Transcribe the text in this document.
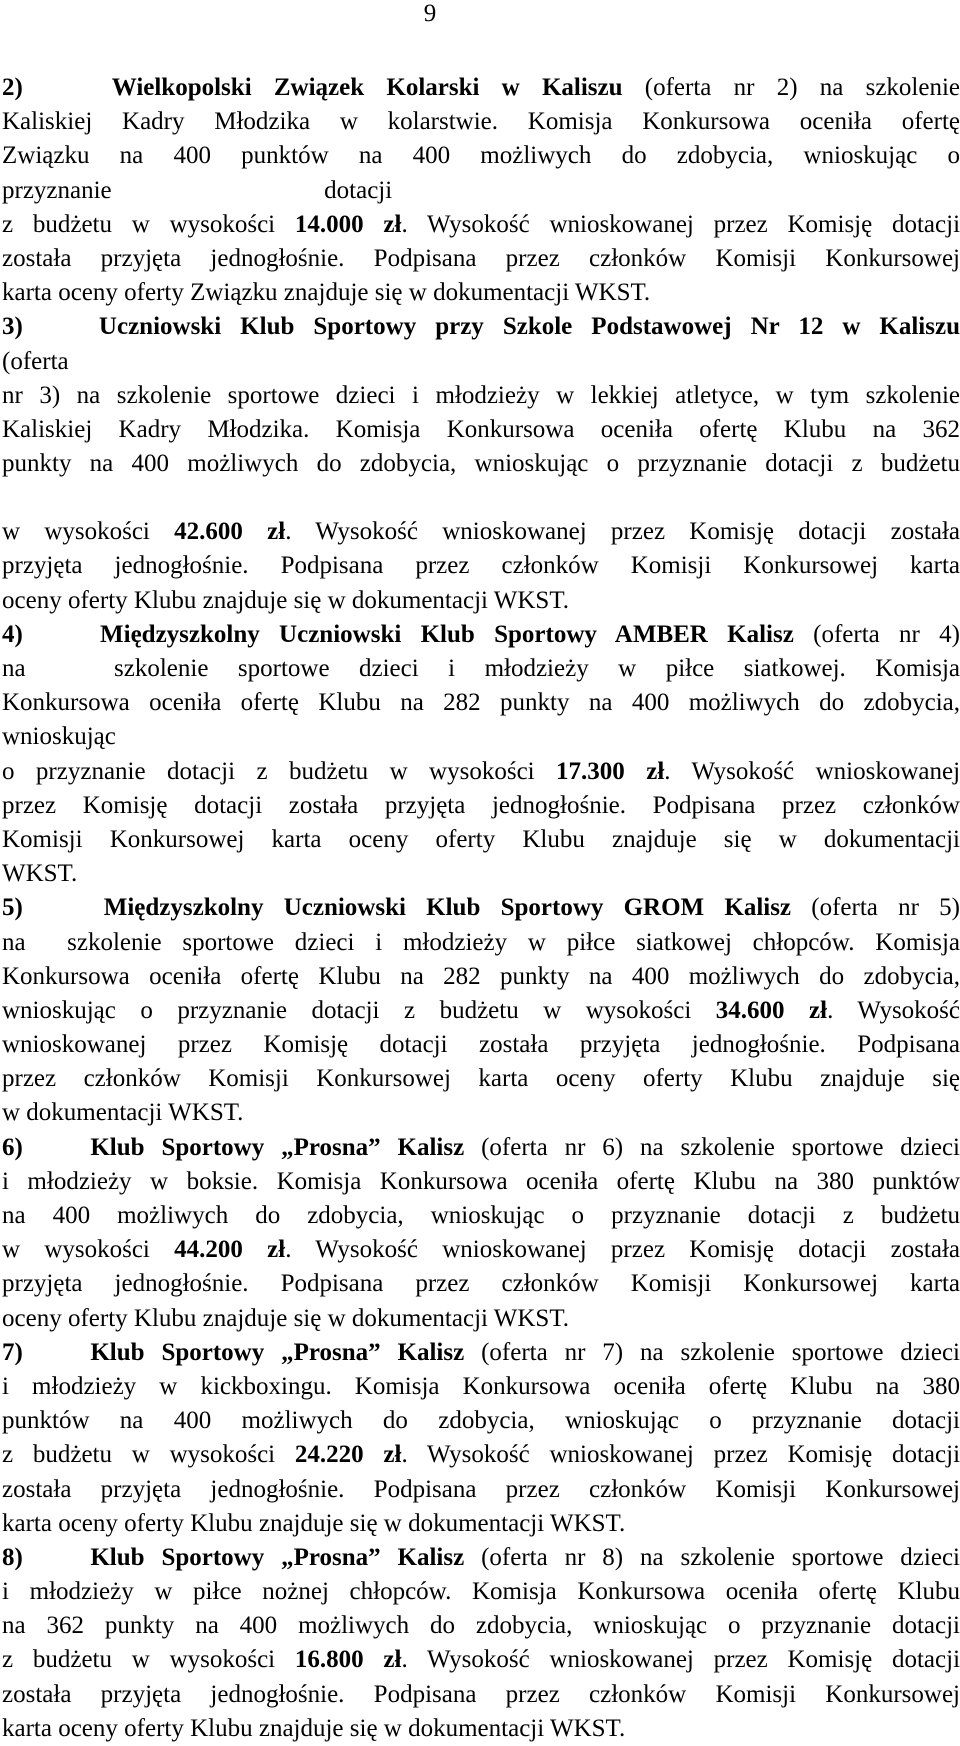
9
2)    Wielkopolski Związek Kolarski w Kaliszu (oferta nr 2) na szkolenie
Kaliskiej Kadry Młodzika w kolarstwie. Komisja Konkursowa oceniła ofertę
Związku na 400 punktów na 400 możliwych do zdobycia, wnioskując o
przyznanie                                  dotacji
z budżetu w wysokości 14.000 zł. Wysokość wnioskowanej przez Komisję dotacji
została przyjęta jednogłośnie. Podpisana przez członków Komisji Konkursowej
karta oceny oferty Związku znajduje się w dokumentacji WKST.
3)    Uczniowski Klub Sportowy przy Szkole Podstawowej Nr 12 w Kaliszu
(oferta
nr 3) na szkolenie sportowe dzieci i młodzieży w lekkiej atletyce, w tym szkolenie
Kaliskiej Kadry Młodzika. Komisja Konkursowa oceniła ofertę Klubu na 362
punkty na 400 możliwych do zdobycia, wnioskując o przyznanie dotacji z budżetu
w wysokości 42.600 zł. Wysokość wnioskowanej przez Komisję dotacji została
przyjęta jednogłośnie. Podpisana przez członków Komisji Konkursowej karta
oceny oferty Klubu znajduje się w dokumentacji WKST.
4)    Międzyszkolny Uczniowski Klub Sportowy AMBER Kalisz (oferta nr 4)
na   szkolenie sportowe dzieci i młodzieży w piłce siatkowej. Komisja
Konkursowa oceniła ofertę Klubu na 282 punkty na 400 możliwych do zdobycia,
wnioskując
o przyznanie dotacji z budżetu w wysokości 17.300 zł. Wysokość wnioskowanej
przez Komisję dotacji została przyjęta jednogłośnie. Podpisana przez członków
Komisji Konkursowej karta oceny oferty Klubu znajduje się w dokumentacji
WKST.
5)    Międzyszkolny Uczniowski Klub Sportowy GROM Kalisz (oferta nr 5)
na  szkolenie sportowe dzieci i młodzieży w piłce siatkowej chłopców. Komisja
Konkursowa oceniła ofertę Klubu na 282 punkty na 400 możliwych do zdobycia,
wnioskując o przyznanie dotacji z budżetu w wysokości 34.600 zł. Wysokość
wnioskowanej przez Komisję dotacji została przyjęta jednogłośnie. Podpisana
przez członków Komisji Konkursowej karta oceny oferty Klubu znajduje się
w dokumentacji WKST.
6)    Klub Sportowy „Prosna” Kalisz (oferta nr 6) na szkolenie sportowe dzieci
i młodzieży w boksie. Komisja Konkursowa oceniła ofertę Klubu na 380 punktów
na 400 możliwych do zdobycia, wnioskując o przyznanie dotacji z budżetu
w wysokości 44.200 zł. Wysokość wnioskowanej przez Komisję dotacji została
przyjęta jednogłośnie. Podpisana przez członków Komisji Konkursowej karta
oceny oferty Klubu znajduje się w dokumentacji WKST.
7)    Klub Sportowy „Prosna” Kalisz (oferta nr 7) na szkolenie sportowe dzieci
i młodzieży w kickboxingu. Komisja Konkursowa oceniła ofertę Klubu na 380
punktów na 400 możliwych do zdobycia, wnioskując o przyznanie dotacji
z budżetu w wysokości 24.220 zł. Wysokość wnioskowanej przez Komisję dotacji
została przyjęta jednogłośnie. Podpisana przez członków Komisji Konkursowej
karta oceny oferty Klubu znajduje się w dokumentacji WKST.
8)    Klub Sportowy „Prosna” Kalisz (oferta nr 8) na szkolenie sportowe dzieci
i młodzieży w piłce nożnej chłopców. Komisja Konkursowa oceniła ofertę Klubu
na 362 punkty na 400 możliwych do zdobycia, wnioskując o przyznanie dotacji
z budżetu w wysokości 16.800 zł. Wysokość wnioskowanej przez Komisję dotacji
została przyjęta jednogłośnie. Podpisana przez członków Komisji Konkursowej
karta oceny oferty Klubu znajduje się w dokumentacji WKST.
